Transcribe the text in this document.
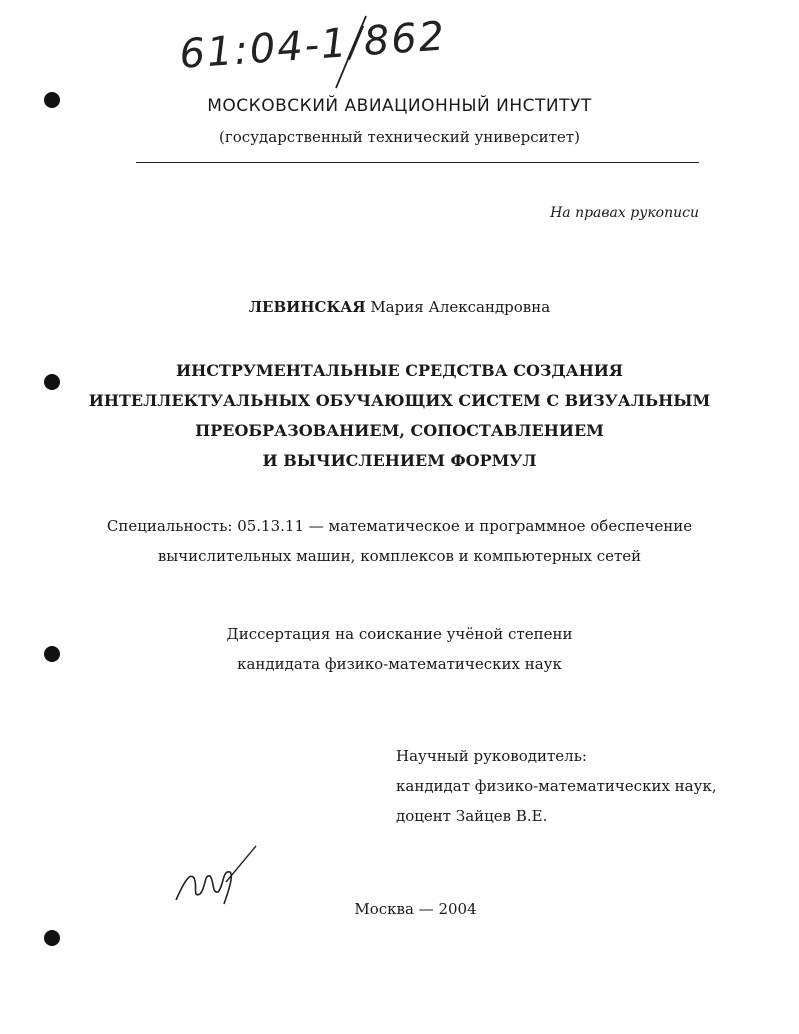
61:04-1/862
МОСКОВСКИЙ АВИАЦИОННЫЙ ИНСТИТУТ
(государственный технический университет)
На правах рукописи
ЛЕВИНСКАЯ Мария Александровна
ИНСТРУМЕНТАЛЬНЫЕ СРЕДСТВА СОЗДАНИЯ
ИНТЕЛЛЕКТУАЛЬНЫХ ОБУЧАЮЩИХ СИСТЕМ С ВИЗУАЛЬНЫМ
ПРЕОБРАЗОВАНИЕМ, СОПОСТАВЛЕНИЕМ
И ВЫЧИСЛЕНИЕМ ФОРМУЛ
Специальность: 05.13.11 — математическое и программное обеспечение
вычислительных машин, комплексов и компьютерных сетей
Диссертация на соискание учёной степени
кандидата физико-математических наук
Научный руководитель:
кандидат физико-математических наук,
доцент Зайцев В.Е.
Москва — 2004
